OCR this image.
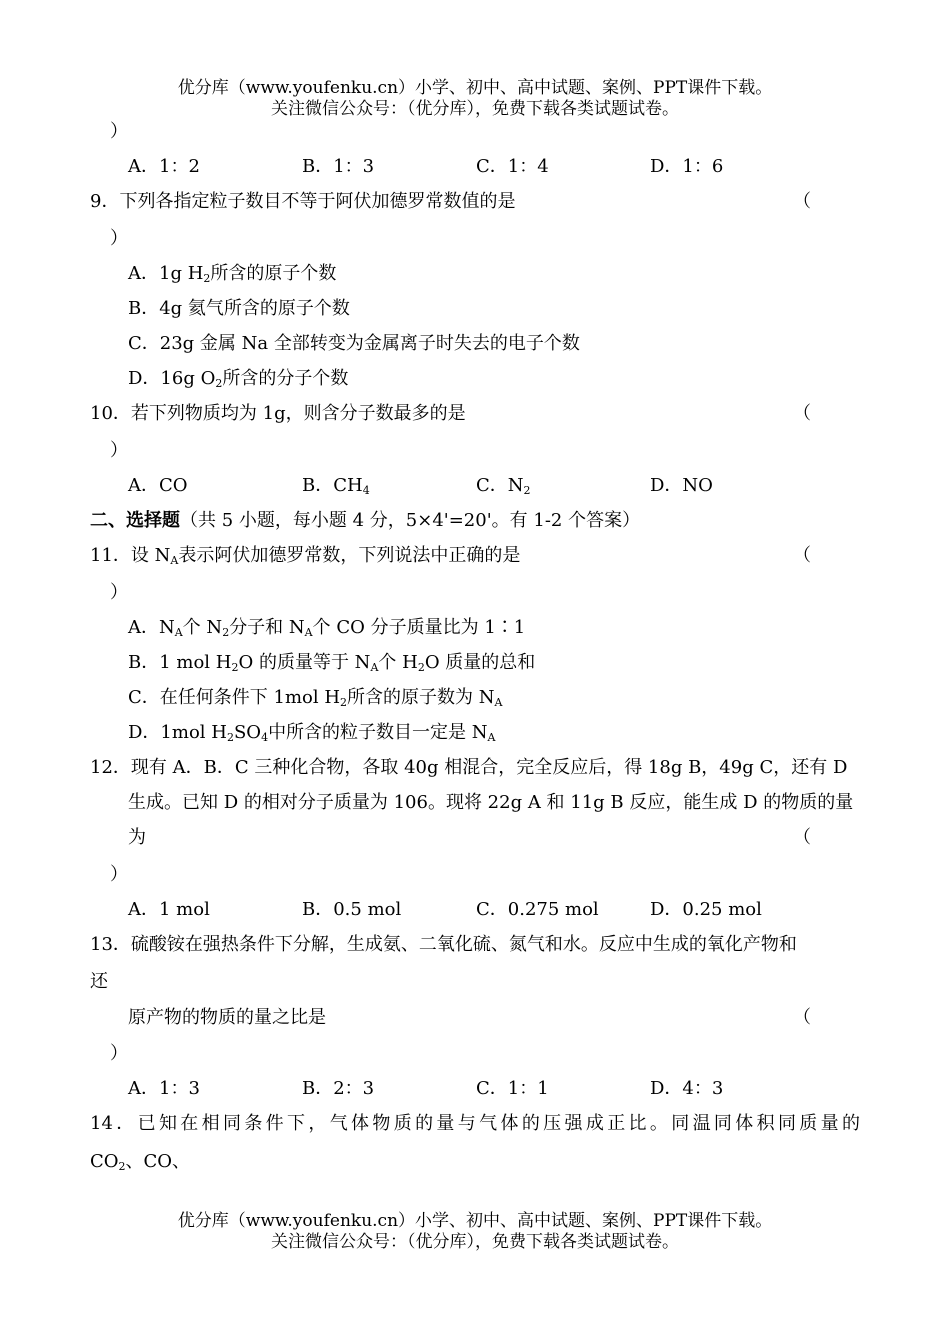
优分库（www.youfenku.cn）小学、初中、高中试题、案例、PPT课件下载。
关注微信公众号：（优分库），免费下载各类试题试卷。
）
A．1：2	B．1：3	C．1：4	D．1：6
9．下列各指定粒子数目不等于阿伏加德罗常数值的是	（
）
A．1g $H_2$所含的原子个数
B．4g 氦气所含的原子个数
C．23g 金属 Na 全部转变为金属离子时失去的电子个数
D．16g $O_2$所含的分子个数
10．若下列物质均为 1g，则含分子数最多的是	（
）
A．CO	B．$CH_4$	C．$N_2$	D．NO
二、选择题（共 5 小题，每小题 4 分，5×4'=20'。有 1-2 个答案）
11．设 $N_A$表示阿伏加德罗常数，下列说法中正确的是	（
）
A．$N_A$个 $N_2$分子和 $N_A$个 CO 分子质量比为 1∶1
B．1 mol $H_2O$ 的质量等于 $N_A$个 $H_2O$ 质量的总和
C．在任何条件下 1mol $H_2$所含的原子数为 $N_A$
D．1mol $H_2SO_4$中所含的粒子数目一定是 $N_A$
12．现有 A．B．C 三种化合物，各取 40g 相混合，完全反应后，得 18g B，49g C，还有 D
生成。已知 D 的相对分子质量为 106。现将 22g A 和 11g B 反应，能生成 D 的物质的量
为	（
）
A．1 mol	B．0.5 mol	C．0.275 mol	D．0.25 mol
13．硫酸铵在强热条件下分解，生成氨、二氧化硫、氮气和水。反应中生成的氧化产物和
还
原产物的物质的量之比是	（
）
A．1：3	B．2：3	C．1：1	D．4：3
14．已知在相同条件下，气体物质的量与气体的压强成正比。同温同体积同质量的
$CO_2$、CO、
优分库（www.youfenku.cn）小学、初中、高中试题、案例、PPT课件下载。
关注微信公众号：（优分库），免费下载各类试题试卷。
